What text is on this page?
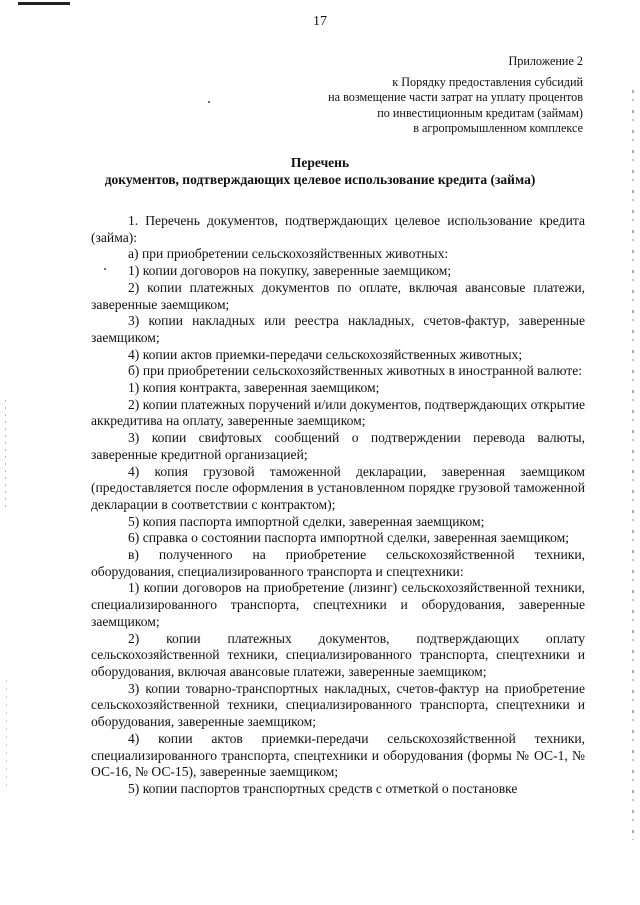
17
Приложение 2
к Порядку предоставления субсидий
на возмещение части затрат на уплату процентов
по инвестиционным кредитам (займам)
в агропромышленном комплексе
Перечень
документов, подтверждающих целевое использование кредита (займа)

1. Перечень документов, подтверждающих целевое использование кредита (займа):

а) при приобретении сельскохозяйственных животных:

1) копии договоров на покупку, заверенные заемщиком;

2) копии платежных документов по оплате, включая авансовые платежи, заверенные заемщиком;

3) копии накладных или реестра накладных, счетов-фактур, заверенные заемщиком;

4) копии актов приемки-передачи сельскохозяйственных животных;

б) при приобретении сельскохозяйственных животных в иностранной валюте:

1) копия контракта, заверенная заемщиком;

2) копии платежных поручений и/или документов, подтверждающих открытие аккредитива на оплату, заверенные заемщиком;

3) копии свифтовых сообщений о подтверждении перевода валюты, заверенные кредитной организацией;

4) копия грузовой таможенной декларации, заверенная заемщиком (предоставляется после оформления в установленном порядке грузовой таможенной декларации в соответствии с контрактом);

5) копия паспорта импортной сделки, заверенная заемщиком;

6) справка о состоянии паспорта импортной сделки, заверенная заемщиком;

в) полученного на приобретение сельскохозяйственной техники, оборудования, специализированного транспорта и спецтехники:

1) копии договоров на приобретение (лизинг) сельскохозяйственной техники, специализированного транспорта, спецтехники и оборудования, заверенные заемщиком;

2) копии платежных документов, подтверждающих оплату сельскохозяйственной техники, специализированного транспорта, спецтехники и оборудования, включая авансовые платежи, заверенные заемщиком;

3) копии товарно-транспортных накладных, счетов-фактур на приобретение сельскохозяйственной техники, специализированного транспорта, спецтехники и оборудования, заверенные заемщиком;

4) копии актов приемки-передачи сельскохозяйственной техники, специализированного транспорта, спецтехники и оборудования (формы № ОС-1, № ОС-16, № ОС-15), заверенные заемщиком;

5) копии паспортов транспортных средств с отметкой о постановке
